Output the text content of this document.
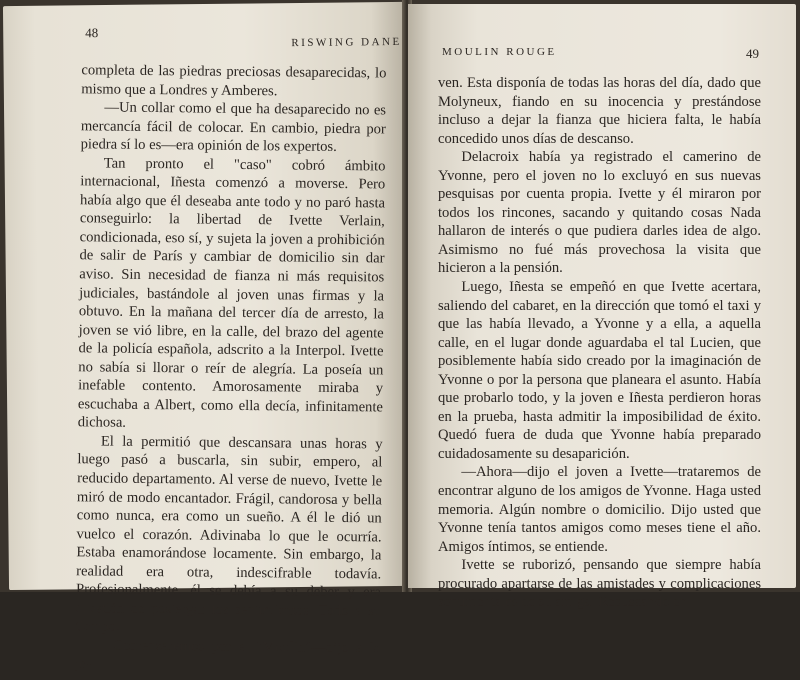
48
RISWING DANE

completa de las piedras preciosas desaparecidas, lo mismo que a Londres y Amberes.

—Un collar como el que ha desaparecido no es mercancía fácil de colocar. En cambio, piedra por piedra sí lo es—era opinión de los expertos.

Tan pronto el "caso" cobró ámbito internacional, Iñesta comenzó a moverse. Pero había algo que él deseaba ante todo y no paró hasta conseguirlo: la libertad de Ivette Verlain, condicionada, eso sí, y sujeta la joven a prohibición de salir de París y cambiar de domicilio sin dar aviso. Sin necesidad de fianza ni más requisitos judiciales, bastándole al joven unas firmas y la obtuvo. En la mañana del tercer día de arresto, la joven se vió libre, en la calle, del brazo del agente de la policía española, adscrito a la Interpol. Ivette no sabía si llorar o reír de alegría. La poseía un inefable contento. Amorosamente miraba y escuchaba a Albert, como ella decía, infinitamente dichosa.

El la permitió que descansara unas horas y luego pasó a buscarla, sin subir, empero, al reducido departamento. Al verse de nuevo, Ivette le miró de modo encantador. Frágil, candorosa y bella como nunca, era como un sueño. A él le dió un vuelco el corazón. Adivinaba lo que le ocurría. Estaba enamorándose locamente. Sin embargo, la realidad era otra, indescifrable todavía. Profesionalmente, él se debía a su deber y era cuestión de postergar los sentimientos. Todo a su tiempo.

—Comenzaremos por el "Moulin"—dijo a la jo-

MOULIN ROUGE	49

ven. Esta disponía de todas las horas del día, dado que Molyneux, fiando en su inocencia y prestándose incluso a dejar la fianza que hiciera falta, le había concedido unos días de descanso.

Delacroix había ya registrado el camerino de Yvonne, pero el joven no lo excluyó en sus nuevas pesquisas por cuenta propia. Ivette y él miraron por todos los rincones, sacando y quitando cosas Nada hallaron de interés o que pudiera darles idea de algo. Asimismo no fué más provechosa la visita que hicieron a la pensión.

Luego, Iñesta se empeñó en que Ivette acertara, saliendo del cabaret, en la dirección que tomó el taxi y que las había llevado, a Yvonne y a ella, a aquella calle, en el lugar donde aguardaba el tal Lucien, que posiblemente había sido creado por la imaginación de Yvonne o por la persona que planeara el asunto. Había que probarlo todo, y la joven e Iñesta perdieron horas en la prueba, hasta admitir la imposibilidad de éxito. Quedó fuera de duda que Yvonne había preparado cuidadosamente su desaparición.

—Ahora—dijo el joven a Ivette—trataremos de encontrar alguno de los amigos de Yvonne. Haga usted memoria. Algún nombre o domicilio. Dijo usted que Yvonne tenía tantos amigos como meses tiene el año. Amigos íntimos, se entiende.

Ivette se ruborizó, pensando que siempre había procurado apartarse de las amistades y complicaciones sentimentales de su amiga. Rebuscando en
